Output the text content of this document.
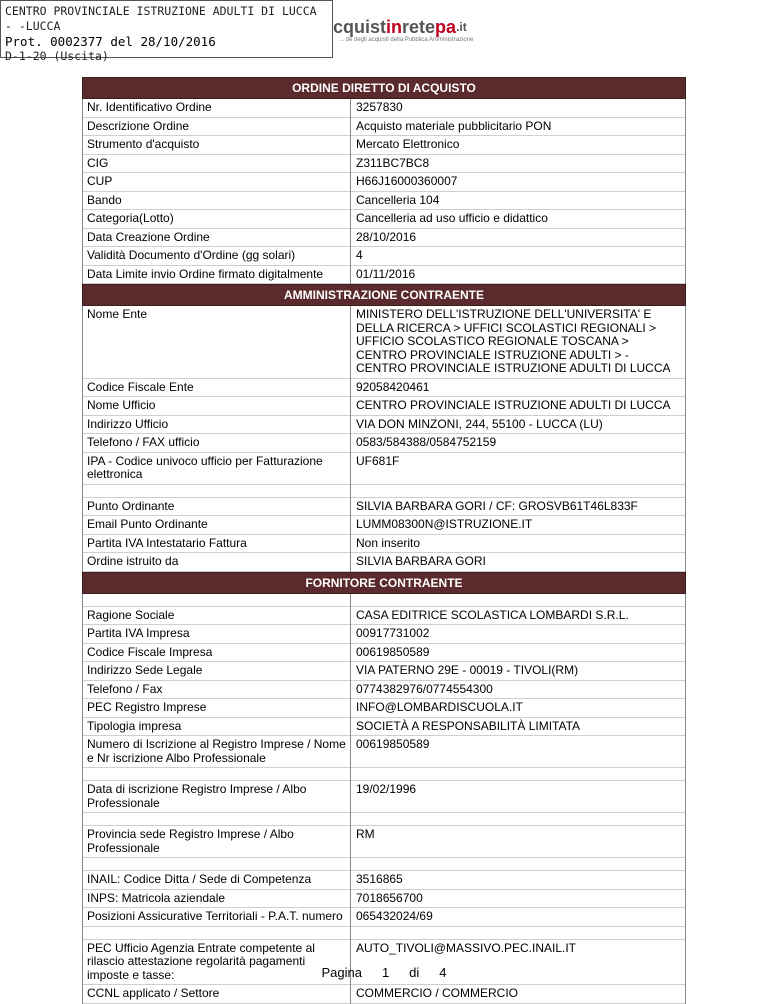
CENTRO PROVINCIALE ISTRUZIONE ADULTI DI LUCCA - -LUCCA
Prot. 0002377 del 28/10/2016
D-1-20 (Uscita)
cquistinretepa$^{.it}$
... de degli acquisti della Pubblica Amministrazione
ORDINE DIRETTO DI ACQUISTO
Nr. Identificativo Ordine	3257830
Descrizione Ordine	Acquisto materiale pubblicitario PON
Strumento d'acquisto	Mercato Elettronico
CIG	Z311BC7BC8
CUP	H66J16000360007
Bando	Cancelleria 104
Categoria(Lotto)	Cancelleria ad uso ufficio e didattico
Data Creazione Ordine	28/10/2016
Validità Documento d'Ordine (gg solari)	4
Data Limite invio Ordine firmato digitalmente	01/11/2016
AMMINISTRAZIONE CONTRAENTE
Nome Ente	MINISTERO DELL'ISTRUZIONE DELL'UNIVERSITA' E DELLA RICERCA > UFFICI SCOLASTICI REGIONALI > UFFICIO SCOLASTICO REGIONALE TOSCANA > CENTRO PROVINCIALE ISTRUZIONE ADULTI > - CENTRO PROVINCIALE ISTRUZIONE ADULTI DI LUCCA
Codice Fiscale Ente	92058420461
Nome Ufficio	CENTRO PROVINCIALE ISTRUZIONE ADULTI DI LUCCA
Indirizzo Ufficio	VIA DON MINZONI, 244, 55100 - LUCCA (LU)
Telefono / FAX ufficio	0583/584388/0584752159
IPA - Codice univoco ufficio per Fatturazione elettronica	UF681F

Punto Ordinante	SILVIA BARBARA GORI / CF: GROSVB61T46L833F
Email Punto Ordinante	LUMM08300N@ISTRUZIONE.IT
Partita IVA Intestatario Fattura	Non inserito
Ordine istruito da	SILVIA BARBARA GORI
FORNITORE CONTRAENTE

Ragione Sociale	CASA EDITRICE SCOLASTICA LOMBARDI S.R.L.
Partita IVA Impresa	00917731002
Codice Fiscale Impresa	00619850589
Indirizzo Sede Legale	VIA PATERNO 29E - 00019 - TIVOLI(RM)
Telefono / Fax	0774382976/0774554300
PEC Registro Imprese	INFO@LOMBARDISCUOLA.IT
Tipologia impresa	SOCIETÀ A RESPONSABILITÀ LIMITATA
Numero di Iscrizione al Registro Imprese / Nome e Nr iscrizione Albo Professionale	00619850589

Data di iscrizione Registro Imprese / Albo Professionale	19/02/1996

Provincia sede Registro Imprese / Albo Professionale	RM

INAIL: Codice Ditta / Sede di Competenza	3516865
INPS: Matricola aziendale	7018656700
Posizioni Assicurative Territoriali - P.A.T. numero	065432024/69

PEC Ufficio Agenzia Entrate competente al rilascio attestazione regolarità pagamenti imposte e tasse:	AUTO_TIVOLI@MASSIVO.PEC.INAIL.IT
CCNL applicato / Settore	COMMERCIO / COMMERCIO
Pagina 1 di 4
